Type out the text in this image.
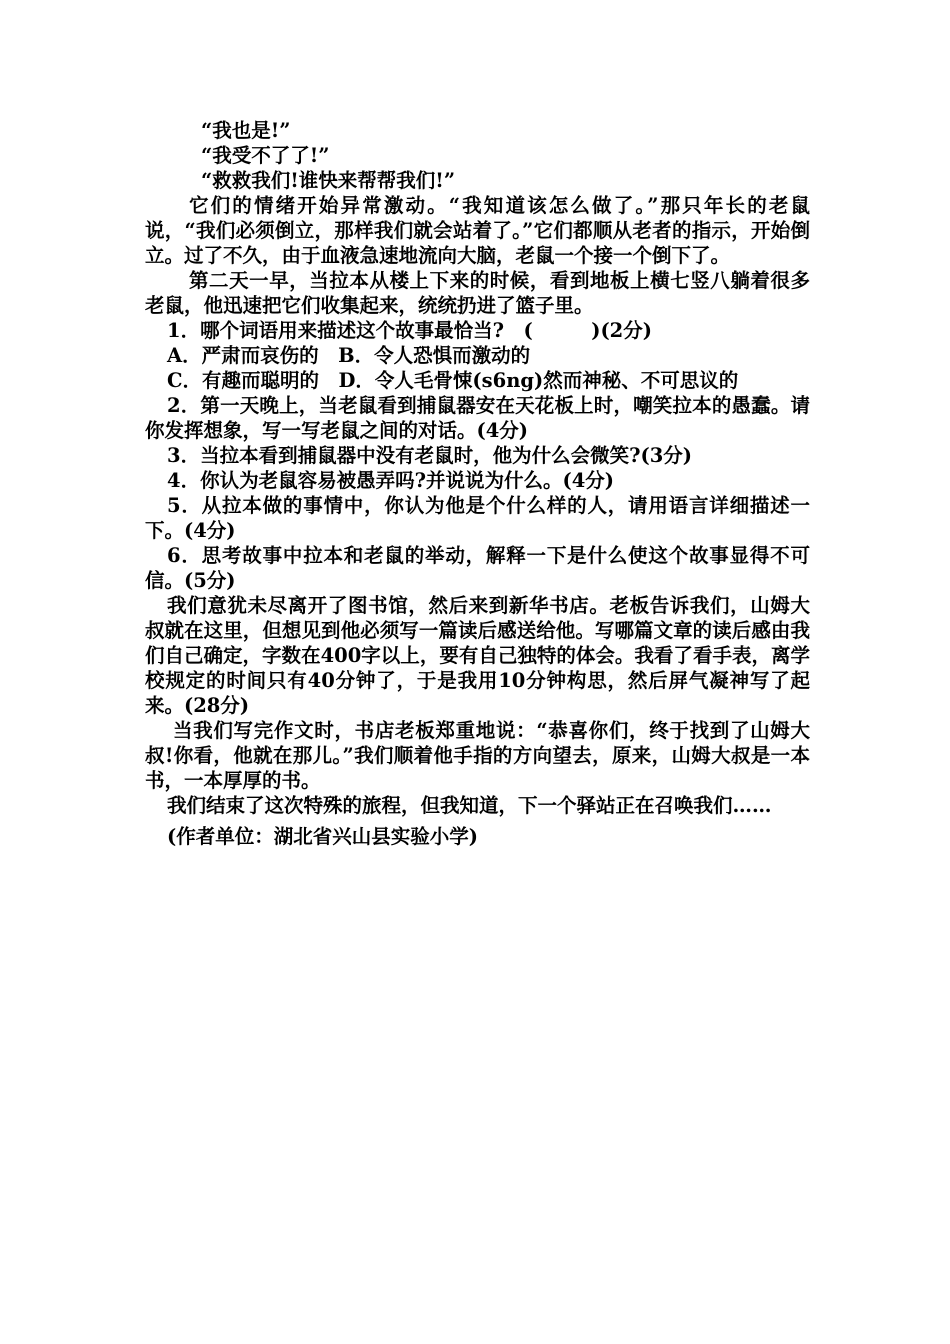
“我也是!”

“我受不了了!”

“救救我们!谁快来帮帮我们!”

它们的情绪开始异常激动。“我知道该怎么做了。”那只年长的老鼠说，“我们必须倒立，那样我们就会站着了。”它们都顺从老者的指示，开始倒立。过了不久，由于血液急速地流向大脑，老鼠一个接一个倒下了。

第二天一早，当拉本从楼上下来的时候，看到地板上横七竖八躺着很多老鼠，他迅速把它们收集起来，统统扔进了篮子里。

1．哪个词语用来描述这个故事最恰当?　(　　　)(2分)

A．严肃而哀伤的　B．令人恐惧而激动的

C．有趣而聪明的　D．令人毛骨悚(s6ng)然而神秘、不可思议的

2．第一天晚上，当老鼠看到捕鼠器安在天花板上时，嘲笑拉本的愚蠢。请你发挥想象，写一写老鼠之间的对话。(4分)

3．当拉本看到捕鼠器中没有老鼠时，他为什么会微笑?(3分)

4．你认为老鼠容易被愚弄吗?并说说为什么。(4分)

5．从拉本做的事情中，你认为他是个什么样的人，请用语言详细描述一下。(4分)

6．思考故事中拉本和老鼠的举动，解释一下是什么使这个故事显得不可信。(5分)

我们意犹未尽离开了图书馆，然后来到新华书店。老板告诉我们，山姆大叔就在这里，但想见到他必须写一篇读后感送给他。写哪篇文章的读后感由我们自己确定，字数在400字以上，要有自己独特的体会。我看了看手表，离学校规定的时间只有40分钟了，于是我用10分钟构思，然后屏气凝神写了起来。(28分)

当我们写完作文时，书店老板郑重地说：“恭喜你们，终于找到了山姆大叔!你看，他就在那儿。”我们顺着他手指的方向望去，原来，山姆大叔是一本书，一本厚厚的书。

我们结束了这次特殊的旅程，但我知道，下一个驿站正在召唤我们……

(作者单位：湖北省兴山县实验小学)
